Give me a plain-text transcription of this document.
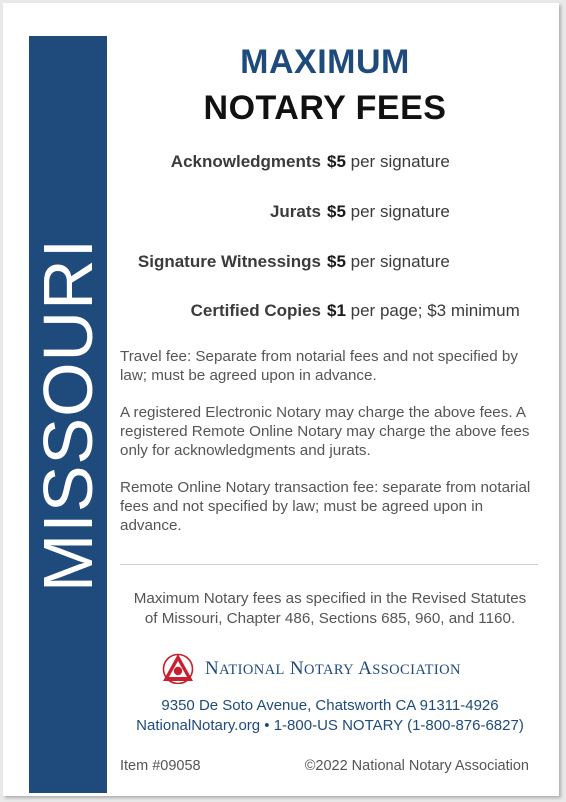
MISSOURI
MAXIMUM
NOTARY FEES
Acknowledgments $5 per signature
Jurats $5 per signature
Signature Witnessings $5 per signature
Certified Copies $1 per page; $3 minimum
Travel fee: Separate from notarial fees and not specified by law; must be agreed upon in advance.
A registered Electronic Notary may charge the above fees. A registered Remote Online Notary may charge the above fees only for acknowledgments and jurats.
Remote Online Notary transaction fee: separate from notarial fees and not specified by law; must be agreed upon in advance.
Maximum Notary fees as specified in the Revised Statutes
of Missouri, Chapter 486, Sections 685, 960, and 1160.
NATIONAL NOTARY ASSOCIATION
9350 De Soto Avenue, Chatsworth CA 91311-4926
NationalNotary.org • 1-800-US NOTARY (1-800-876-6827)
Item #09058	©2022 National Notary Association
